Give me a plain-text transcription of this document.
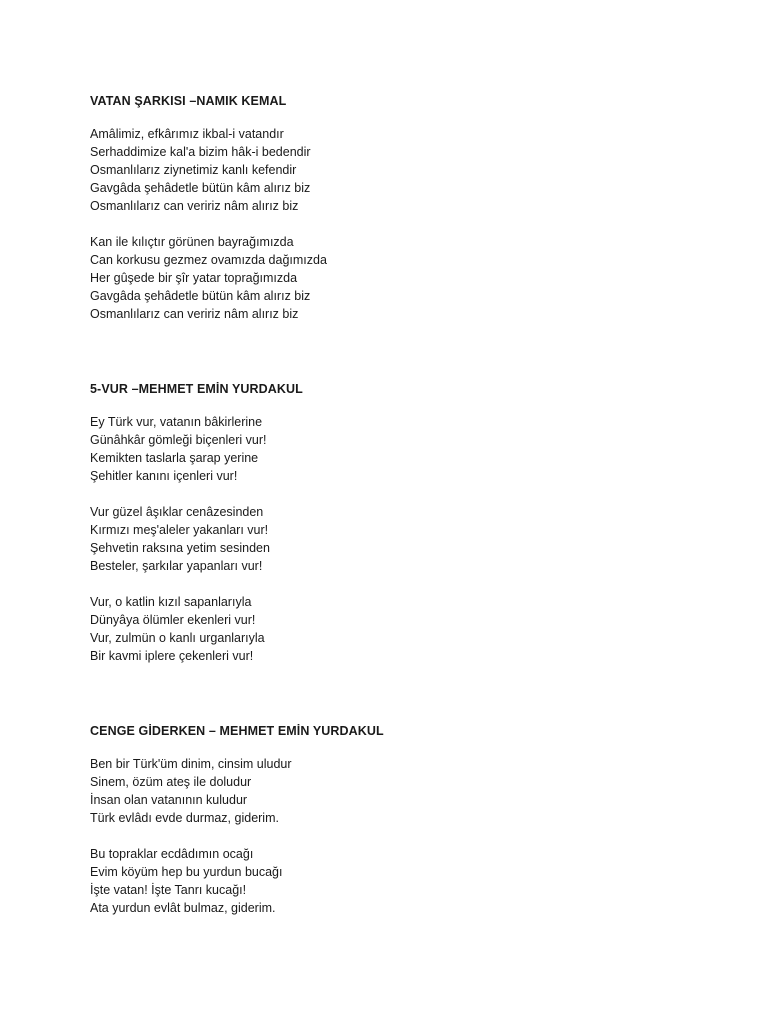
VATAN ŞARKISI –NAMIK KEMAL
Amâlimiz, efkârımız ikbal-i vatandır
Serhaddimize kal'a bizim hâk-i bedendir
Osmanlılarız ziynetimiz kanlı kefendir
Gavgâda şehâdetle bütün kâm alırız biz
Osmanlılarız can veririz nâm alırız biz
Kan ile kılıçtır görünen bayrağımızda
Can korkusu gezmez ovamızda dağımızda
Her gûşede bir şîr yatar toprağımızda
Gavgâda şehâdetle bütün kâm alırız biz
Osmanlılarız can veririz nâm alırız biz
5-VUR –MEHMET EMİN YURDAKUL
Ey Türk vur, vatanın bâkirlerine
Günâhkâr gömleği biçenleri vur!
Kemikten taslarla şarap yerine
Şehitler kanını içenleri vur!
Vur güzel âşıklar cenâzesinden
Kırmızı meş'aleler yakanları vur!
Şehvetin raksına yetim sesinden
Besteler, şarkılar yapanları vur!
Vur, o katlin kızıl sapanlarıyla
Dünyâya ölümler ekenleri vur!
Vur, zulmün o kanlı urganlarıyla
Bir kavmi iplere çekenleri vur!
CENGE GİDERKEN – MEHMET EMİN YURDAKUL
Ben bir Türk'üm dinim, cinsim uludur
Sinem, özüm ateş ile doludur
İnsan olan vatanının kuludur
Türk evlâdı evde durmaz, giderim.
Bu topraklar ecdâdımın ocağı
Evim köyüm hep bu yurdun bucağı
İşte vatan! İşte Tanrı kucağı!
Ata yurdun evlât bulmaz, giderim.
